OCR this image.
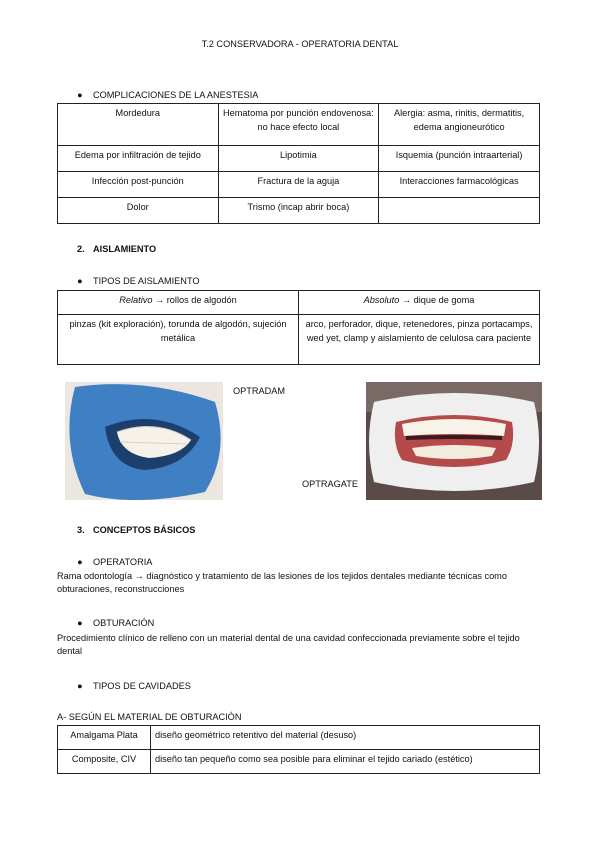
T.2 CONSERVADORA - OPERATORIA DENTAL
● COMPLICACIONES DE LA ANESTESIA
Mordedura	Hematoma por punción endovenosa: no hace efecto local	Alergia: asma, rinitis, dermatitis, edema angioneurótico
Edema por infiltración de tejido	Lipotimia	Isquemia (punción intraarterial)
Infección post-punción	Fractura de la aguja	Interacciones farmacológicas
Dolor	Trismo (incap abrir boca)	
2. AISLAMIENTO
● TIPOS DE AISLAMIENTO
Relativo → rollos de algodón	Absoluto → dique de goma
pinzas (kit exploración), torunda de algodón, sujeción metálica	arco, perforador, dique, retenedores, pinza portacamps, wed yet, clamp y aislamiento de celulosa cara paciente
OPTRADAM
OPTRAGATE
3. CONCEPTOS BÁSICOS
● OPERATORIA
Rama odontología → diagnóstico y tratamiento de las lesiones de los tejidos dentales mediante técnicas como obturaciones, reconstrucciones
● OBTURACIÓN
Procedimiento clínico de relleno con un material dental de una cavidad confeccionada previamente sobre el tejido dental
● TIPOS DE CAVIDADES
A- SEGÚN EL MATERIAL DE OBTURACIÓN
Amalgama Plata	diseño geométrico retentivo del material (desuso)
Composite, CIV	diseño tan pequeño como sea posible para eliminar el tejido cariado (estético)
